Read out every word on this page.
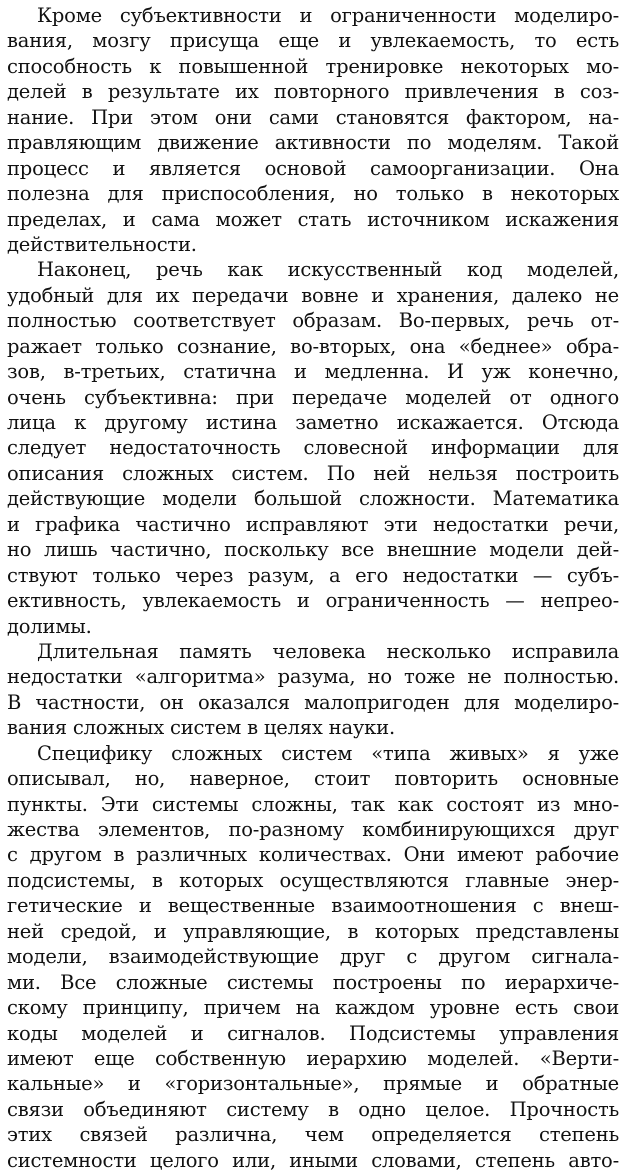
Кроме субъективности и ограниченности моделиро-
вания, мозгу присуща еще и увлекаемость, то есть
способность к повышенной тренировке некоторых мо-
делей в результате их повторного привлечения в соз-
нание. При этом они сами становятся фактором, на-
правляющим движение активности по моделям. Такой
процесс и является основой самоорганизации. Она
полезна для приспособления, но только в некоторых
пределах, и сама может стать источником искажения
действительности.
Наконец, речь как искусственный код моделей,
удобный для их передачи вовне и хранения, далеко не
полностью соответствует образам. Во-первых, речь от-
ражает только сознание, во-вторых, она «беднее» обра-
зов, в-третьих, статична и медленна. И уж конечно,
очень субъективна: при передаче моделей от одного
лица к другому истина заметно искажается. Отсюда
следует недостаточность словесной информации для
описания сложных систем. По ней нельзя построить
действующие модели большой сложности. Математика
и графика частично исправляют эти недостатки речи,
но лишь частично, поскольку все внешние модели дей-
ствуют только через разум, а его недостатки — субъ-
ективность, увлекаемость и ограниченность — непрео-
долимы.
Длительная память человека несколько исправила
недостатки «алгоритма» разума, но тоже не полностью.
В частности, он оказался малопригоден для моделиро-
вания сложных систем в целях науки.
Специфику сложных систем «типа живых» я уже
описывал, но, наверное, стоит повторить основные
пункты. Эти системы сложны, так как состоят из мно-
жества элементов, по-разному комбинирующихся друг
с другом в различных количествах. Они имеют рабочие
подсистемы, в которых осуществляются главные энер-
гетические и вещественные взаимоотношения с внеш-
ней средой, и управляющие, в которых представлены
модели, взаимодействующие друг с другом сигнала-
ми. Все сложные системы построены по иерархиче-
скому принципу, причем на каждом уровне есть свои
коды моделей и сигналов. Подсистемы управления
имеют еще собственную иерархию моделей. «Верти-
кальные» и «горизонтальные», прямые и обратные
связи объединяют систему в одно целое. Прочность
этих связей различна, чем определяется степень
системности целого или, иными словами, степень авто-
